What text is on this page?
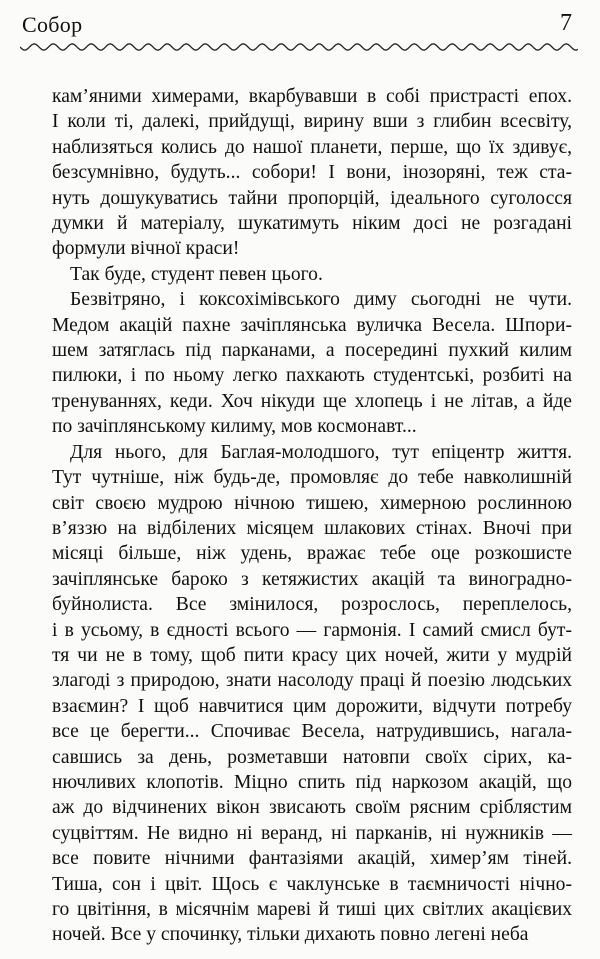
Собор	7
кам’яними химерами, вкарбувавши в собі пристрасті епох.
І коли ті, далекі, прийдущі, вирину вши з глибин всесвіту,
наблизяться колись до нашої планети, перше, що їх здивує,
безсумнівно, будуть... собори! І вони, інозоряні, теж ста-
нуть дошукуватись тайни пропорцій, ідеального суголосся
думки й матеріалу, шукатимуть ніким досі не розгадані
формули вічної краси!
Так буде, студент певен цього.
Безвітряно, і коксохімівського диму сьогодні не чути.
Медом акацій пахне зачіплянська вуличка Весела. Шпори-
шем затяглась під парканами, а посередині пухкий килим
пилюки, і по ньому легко пахкають студентські, розбиті на
тренуваннях, кеди. Хоч нікуди ще хлопець і не літав, а йде
по зачіплянському килиму, мов космонавт...
Для нього, для Баглая-молодшого, тут епіцентр життя.
Тут чутніше, ніж будь-де, промовляє до тебе навколишній
світ своєю мудрою нічною тишею, химерною рослинною
в’яззю на відбілених місяцем шлакових стінах. Вночі при
місяці більше, ніж удень, вражає тебе оце розкошисте
зачіплянське бароко з кетяжистих акацій та виноградно-
буйнолиста. Все змінилося, розрослось, переплелось,
і в усьому, в єдності всього — гармонія. І самий смисл бут-
тя чи не в тому, щоб пити красу цих ночей, жити у мудрій
злагоді з природою, знати насолоду праці й поезію людських
взаємин? І щоб навчитися цим дорожити, відчути потребу
все це берегти... Спочиває Весела, натрудившись, нагала-
савшись за день, розметавши натовпи своїх сірих, ка-
нючливих клопотів. Міцно спить під наркозом акацій, що
аж до відчинених вікон звисають своїм рясним сріблястим
суцвіттям. Не видно ні веранд, ні парканів, ні нужників —
все повите нічними фантазіями акацій, химер’ям тіней.
Тиша, сон і цвіт. Щось є чаклунське в таємничості нічно-
го цвітіння, в місячнім мареві й тиші цих світлих акацієвих
ночей. Все у спочинку, тільки дихають повно легені неба
